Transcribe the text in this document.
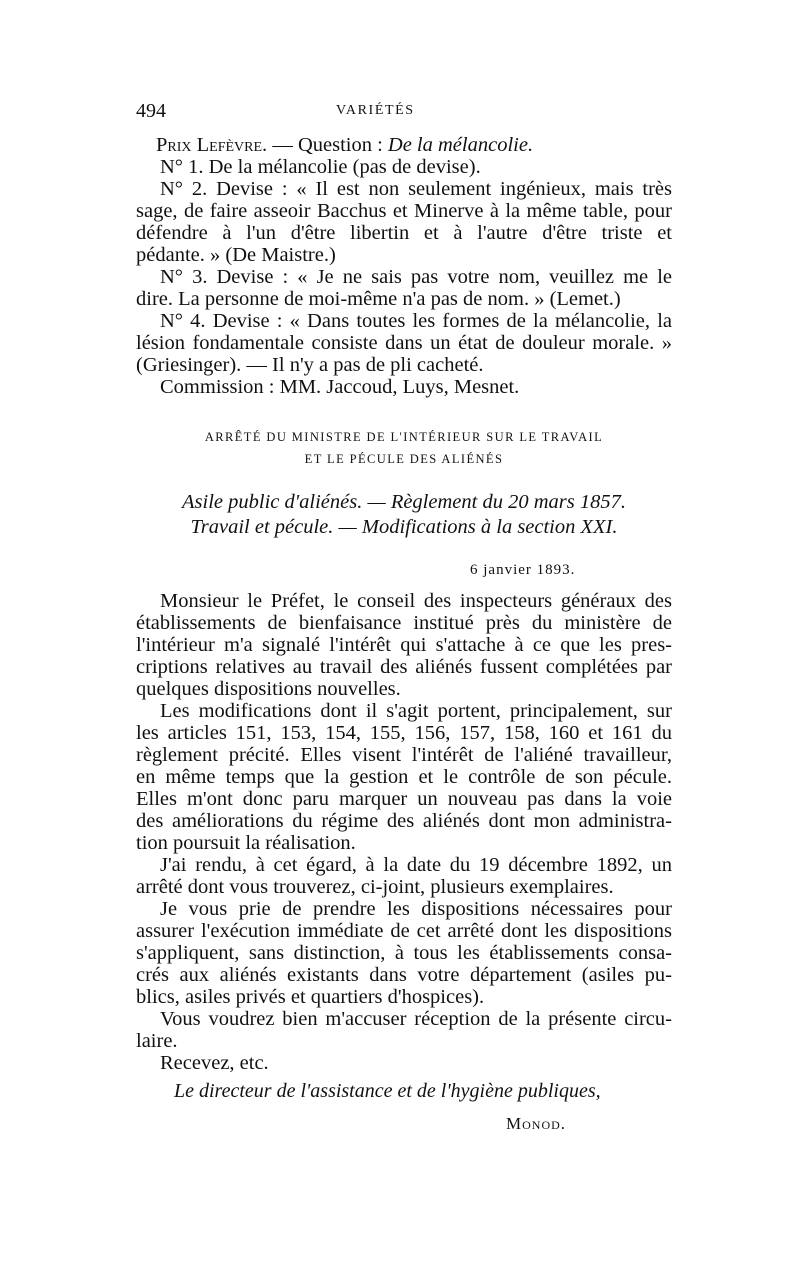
494	VARIÉTÉS

Prix Lefèvre. — Question : De la mélancolie.

N° 1. De la mélancolie (pas de devise).

N° 2. Devise : « Il est non seulement ingénieux, mais très
sage, de faire asseoir Bacchus et Minerve à la même table, pour
défendre à l'un d'être libertin et à l'autre d'être triste et
pédante. » (De Maistre.)

N° 3. Devise : « Je ne sais pas votre nom, veuillez me le
dire. La personne de moi-même n'a pas de nom. » (Lemet.)

N° 4. Devise : « Dans toutes les formes de la mélancolie, la
lésion fondamentale consiste dans un état de douleur morale. »
(Griesinger). — Il n'y a pas de pli cacheté.

Commission : MM. Jaccoud, Luys, Mesnet.

ARRÊTÉ DU MINISTRE DE L'INTÉRIEUR SUR LE TRAVAIL
ET LE PÉCULE DES ALIÉNÉS
Asile public d'aliénés. — Règlement du 20 mars 1857.
Travail et pécule. — Modifications à la section XXI.
6 janvier 1893.

Monsieur le Préfet, le conseil des inspecteurs généraux des
établissements de bienfaisance institué près du ministère de
l'intérieur m'a signalé l'intérêt qui s'attache à ce que les pres-
criptions relatives au travail des aliénés fussent complétées par
quelques dispositions nouvelles.

Les modifications dont il s'agit portent, principalement, sur
les articles 151, 153, 154, 155, 156, 157, 158, 160 et 161 du
règlement précité. Elles visent l'intérêt de l'aliéné travailleur,
en même temps que la gestion et le contrôle de son pécule.
Elles m'ont donc paru marquer un nouveau pas dans la voie
des améliorations du régime des aliénés dont mon administra-
tion poursuit la réalisation.

J'ai rendu, à cet égard, à la date du 19 décembre 1892, un
arrêté dont vous trouverez, ci-joint, plusieurs exemplaires.

Je vous prie de prendre les dispositions nécessaires pour
assurer l'exécution immédiate de cet arrêté dont les dispositions
s'appliquent, sans distinction, à tous les établissements consa-
crés aux aliénés existants dans votre département (asiles pu-
blics, asiles privés et quartiers d'hospices).

Vous voudrez bien m'accuser réception de la présente circu-
laire.

Recevez, etc.

Le directeur de l'assistance et de l'hygiène publiques,
Monod.
